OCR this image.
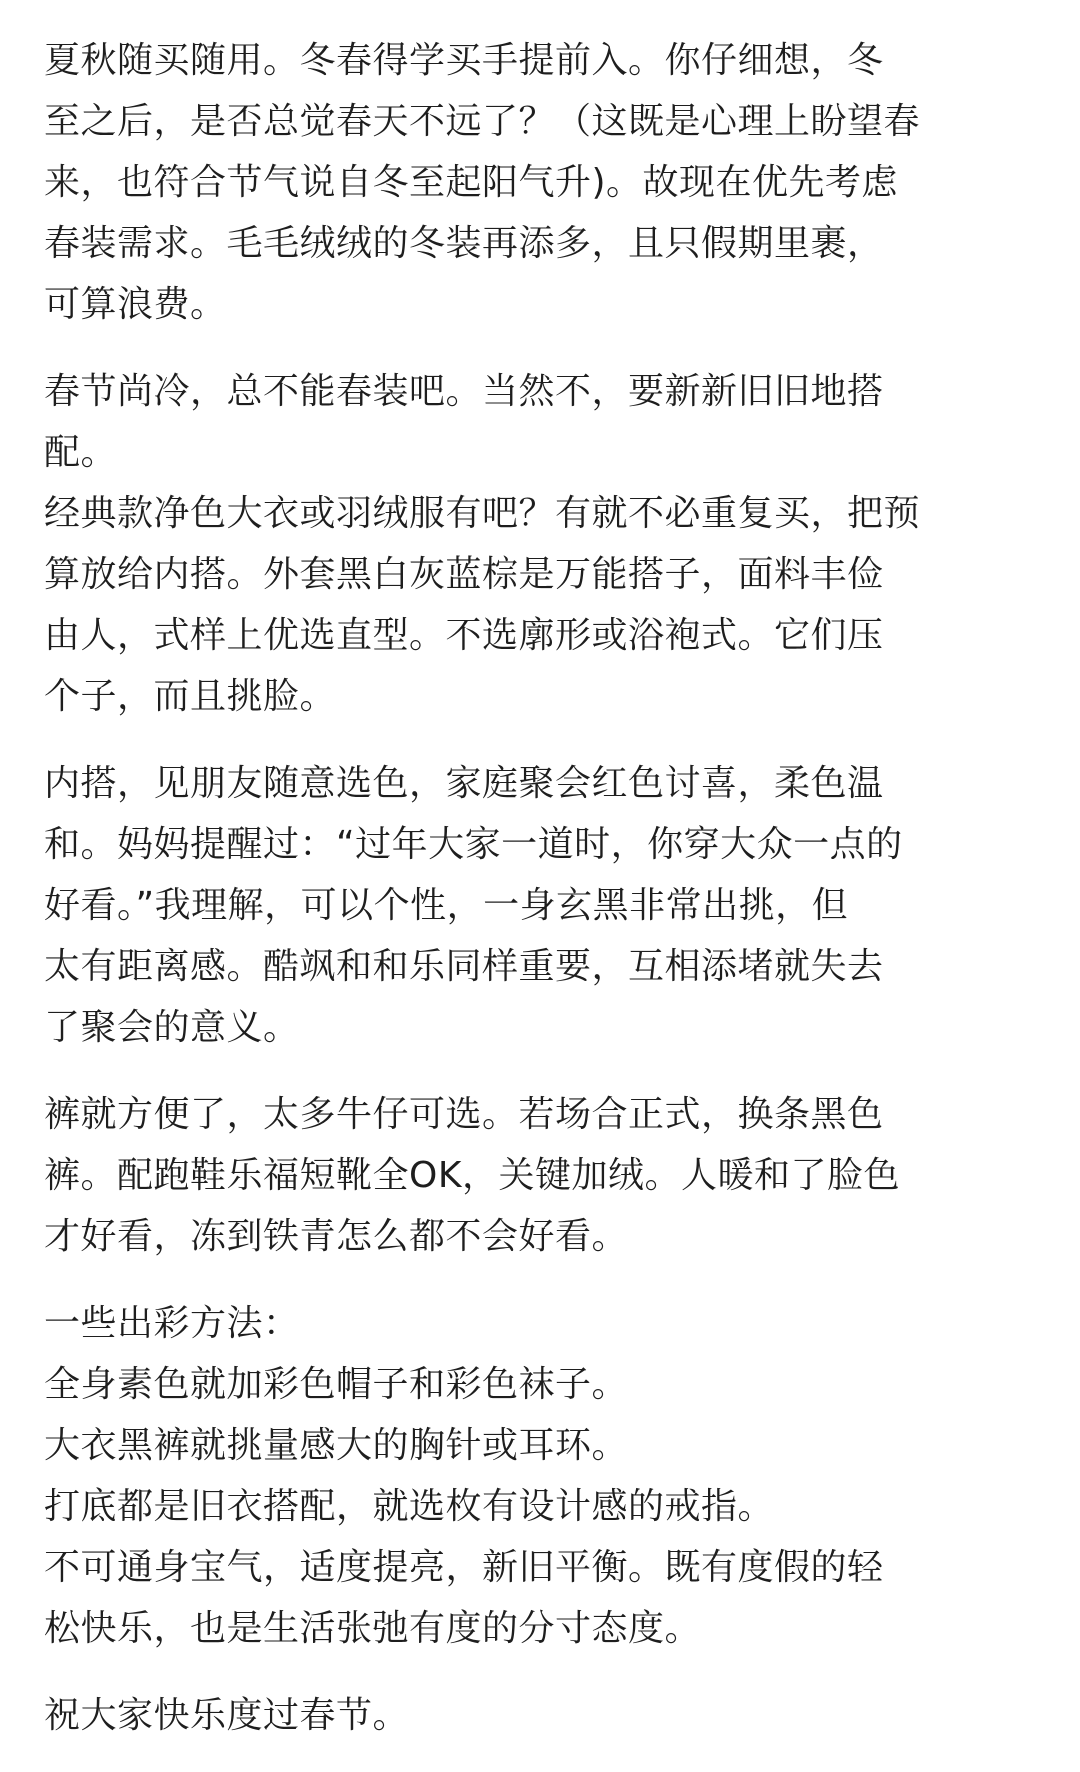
夏秋随买随用。冬春得学买手提前入。你仔细想，冬
至之后，是否总觉春天不远了？（这既是心理上盼望春
来，也符合节气说自冬至起阳气升)。故现在优先考虑
春装需求。毛毛绒绒的冬装再添多，且只假期里裹，
可算浪费。
春节尚冷，总不能春装吧。当然不，要新新旧旧地搭
配。
经典款净色大衣或羽绒服有吧？有就不必重复买，把预
算放给内搭。外套黑白灰蓝棕是万能搭子，面料丰俭
由人，式样上优选直型。不选廓形或浴袍式。它们压
个子，而且挑脸。
内搭，见朋友随意选色，家庭聚会红色讨喜，柔色温
和。妈妈提醒过：“过年大家一道时，你穿大众一点的
好看。”我理解，可以个性，一身玄黑非常出挑，但
太有距离感。酷飒和和乐同样重要，互相添堵就失去
了聚会的意义。
裤就方便了，太多牛仔可选。若场合正式，换条黑色
裤。配跑鞋乐福短靴全OK，关键加绒。人暖和了脸色
才好看，冻到铁青怎么都不会好看。
一些出彩方法：
全身素色就加彩色帽子和彩色袜子。
大衣黑裤就挑量感大的胸针或耳环。
打底都是旧衣搭配，就选枚有设计感的戒指。
不可通身宝气，适度提亮，新旧平衡。既有度假的轻
松快乐，也是生活张弛有度的分寸态度。
祝大家快乐度过春节。
